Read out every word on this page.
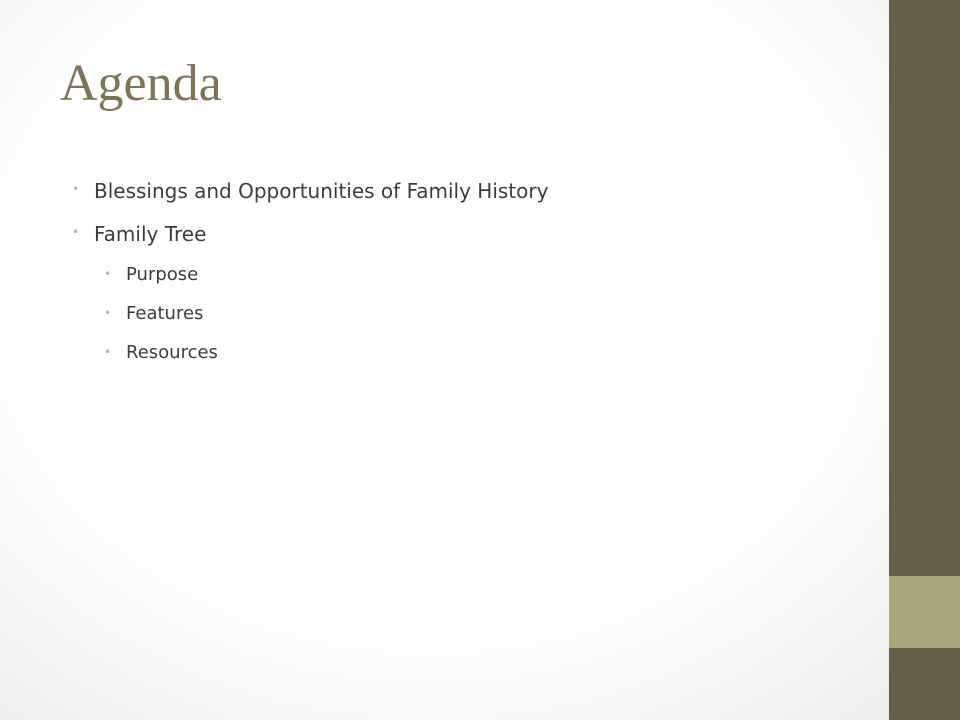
Agenda
• Blessings and Opportunities of Family History
• Family Tree
• Purpose
• Features
• Resources
